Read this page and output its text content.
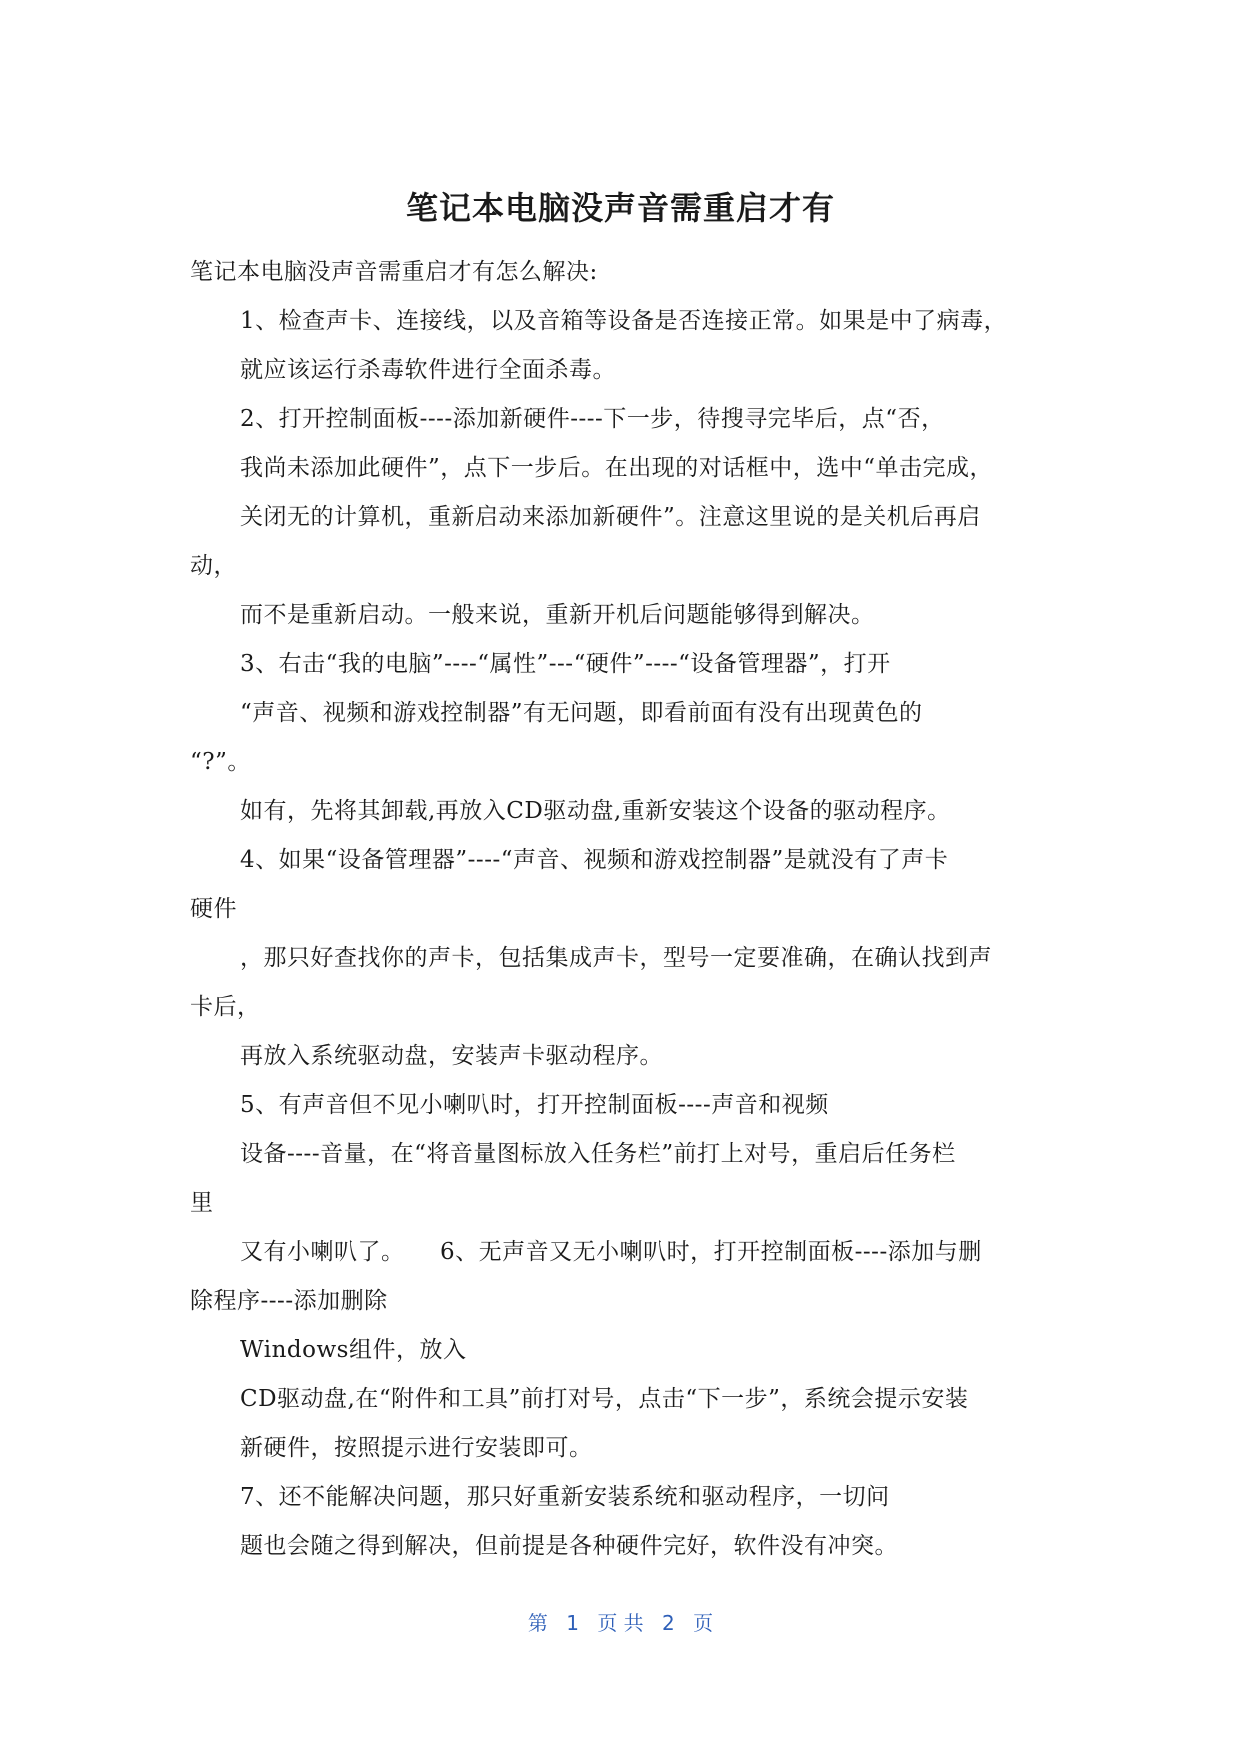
笔记本电脑没声音需重启才有
笔记本电脑没声音需重启才有怎么解决:
1、检查声卡、连接线，以及音箱等设备是否连接正常。如果是中了病毒，
就应该运行杀毒软件进行全面杀毒。
2、打开控制面板----添加新硬件----下一步，待搜寻完毕后，点“否，
我尚未添加此硬件”，点下一步后。在出现的对话框中，选中“单击完成，
关闭无的计算机，重新启动来添加新硬件”。注意这里说的是关机后再启
动，
而不是重新启动。一般来说，重新开机后问题能够得到解决。
3、右击“我的电脑”----“属性”---“硬件”----“设备管理器”，打开
“声音、视频和游戏控制器”有无问题，即看前面有没有出现黄色的
“?”。
如有，先将其卸载,再放入CD驱动盘,重新安装这个设备的驱动程序。
4、如果“设备管理器”----“声音、视频和游戏控制器”是就没有了声卡
硬件
，那只好查找你的声卡，包括集成声卡，型号一定要准确，在确认找到声
卡后，
再放入系统驱动盘，安装声卡驱动程序。
5、有声音但不见小喇叭时，打开控制面板----声音和视频
设备----音量，在“将音量图标放入任务栏”前打上对号，重启后任务栏
里
又有小喇叭了。　　6、无声音又无小喇叭时，打开控制面板----添加与删
除程序----添加删除
Windows组件，放入
CD驱动盘,在“附件和工具”前打对号，点击“下一步”，系统会提示安装
新硬件，按照提示进行安装即可。
7、还不能解决问题，那只好重新安装系统和驱动程序，一切问
题也会随之得到解决，但前提是各种硬件完好，软件没有冲突。
第 1 页 共 2 页
